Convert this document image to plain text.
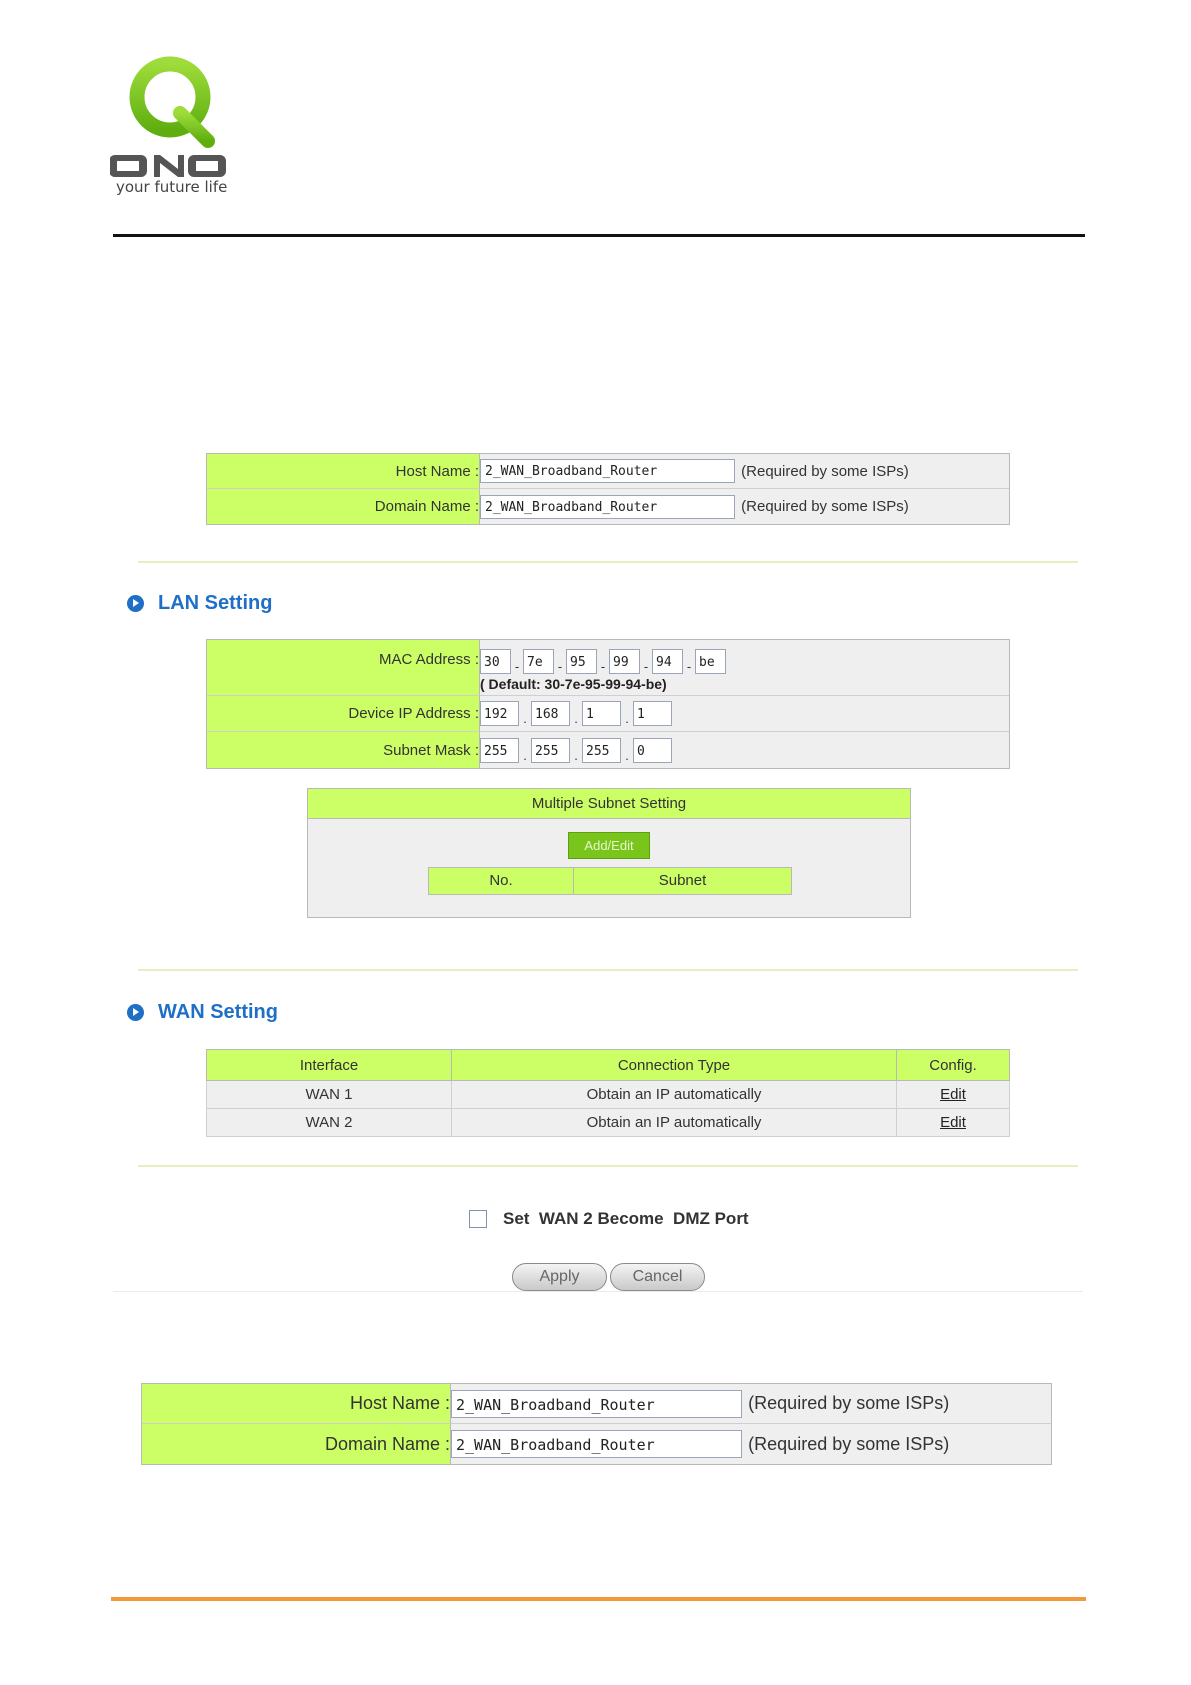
your future life
Host Name :	2_WAN_Broadband_Router (Required by some ISPs)
Domain Name :	2_WAN_Broadband_Router (Required by some ISPs)
LAN Setting
MAC Address :	30 - 7e - 95 - 99 - 94 - be
( Default: 30-7e-95-99-94-be)

Device IP Address :	192 . 168 . 1 . 1
Subnet Mask :	255 . 255 . 255 . 0
Multiple Subnet Setting
Add/Edit
No.	Subnet
WAN Setting
Interface	Connection Type	Config.
WAN 1	Obtain an IP automatically	Edit
WAN 2	Obtain an IP automatically	Edit
Set  WAN 2 Become  DMZ Port
Apply	Cancel
Host Name :	2_WAN_Broadband_Router (Required by some ISPs)
Domain Name :	2_WAN_Broadband_Router (Required by some ISPs)
